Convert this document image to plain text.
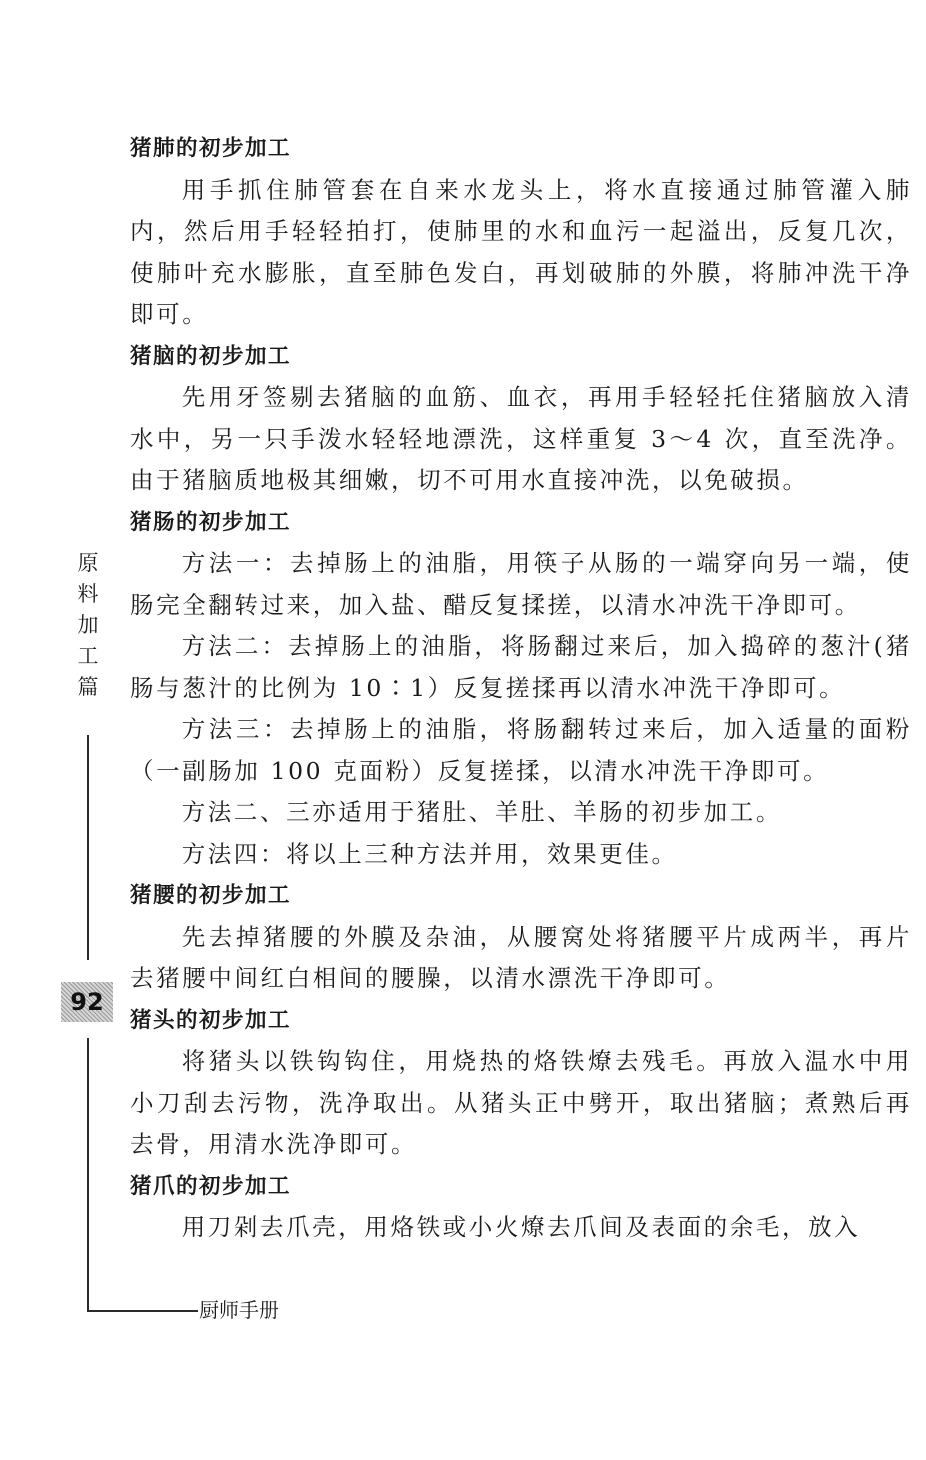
原
料
加
工
篇
92
厨师手册
猪肺的初步加工

用手抓住肺管套在自来水龙头上，将水直接通过肺管灌入肺内，然后用手轻轻拍打，使肺里的水和血污一起溢出，反复几次，使肺叶充水膨胀，直至肺色发白，再划破肺的外膜，将肺冲洗干净即可。

猪脑的初步加工

先用牙签剔去猪脑的血筋、血衣，再用手轻轻托住猪脑放入清水中，另一只手泼水轻轻地漂洗，这样重复 3～4 次，直至洗净。由于猪脑质地极其细嫩，切不可用水直接冲洗，以免破损。

猪肠的初步加工

方法一：去掉肠上的油脂，用筷子从肠的一端穿向另一端，使肠完全翻转过来，加入盐、醋反复揉搓，以清水冲洗干净即可。

方法二：去掉肠上的油脂，将肠翻过来后，加入捣碎的葱汁(猪肠与葱汁的比例为 10∶1）反复搓揉再以清水冲洗干净即可。

方法三：去掉肠上的油脂，将肠翻转过来后，加入适量的面粉（一副肠加 100 克面粉）反复搓揉，以清水冲洗干净即可。

方法二、三亦适用于猪肚、羊肚、羊肠的初步加工。

方法四：将以上三种方法并用，效果更佳。

猪腰的初步加工

先去掉猪腰的外膜及杂油，从腰窝处将猪腰平片成两半，再片去猪腰中间红白相间的腰臊，以清水漂洗干净即可。

猪头的初步加工

将猪头以铁钩钩住，用烧热的烙铁燎去残毛。再放入温水中用小刀刮去污物，洗净取出。从猪头正中劈开，取出猪脑；煮熟后再去骨，用清水洗净即可。

猪爪的初步加工

用刀剁去爪壳，用烙铁或小火燎去爪间及表面的余毛，放入
